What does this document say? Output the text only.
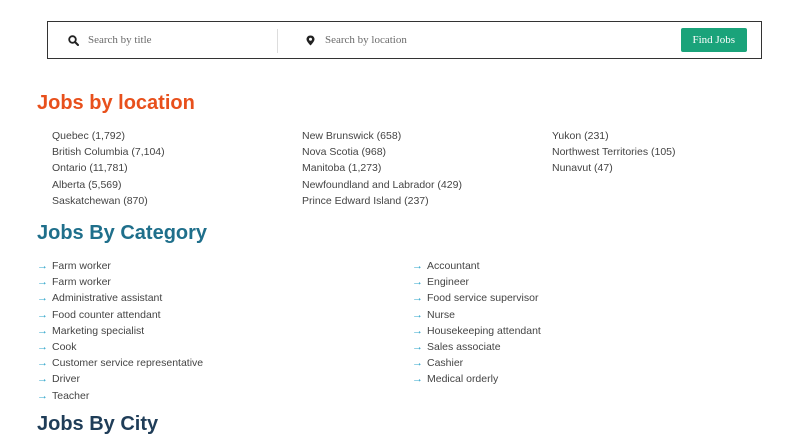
Search by title
Search by location
Find Jobs
Jobs by location
Quebec (1,792)
British Columbia (7,104)
Ontario (11,781)
Alberta (5,569)
Saskatchewan (870)
New Brunswick (658)
Nova Scotia (968)
Manitoba (1,273)
Newfoundland and Labrador (429)
Prince Edward Island (237)
Yukon (231)
Northwest Territories (105)
Nunavut (47)
Jobs By Category
→ Farm worker
→ Farm worker
→ Administrative assistant
→ Food counter attendant
→ Marketing specialist
→ Cook
→ Customer service representative
→ Driver
→ Teacher
→ Accountant
→ Engineer
→ Food service supervisor
→ Nurse
→ Housekeeping attendant
→ Sales associate
→ Cashier
→ Medical orderly
Jobs By City
